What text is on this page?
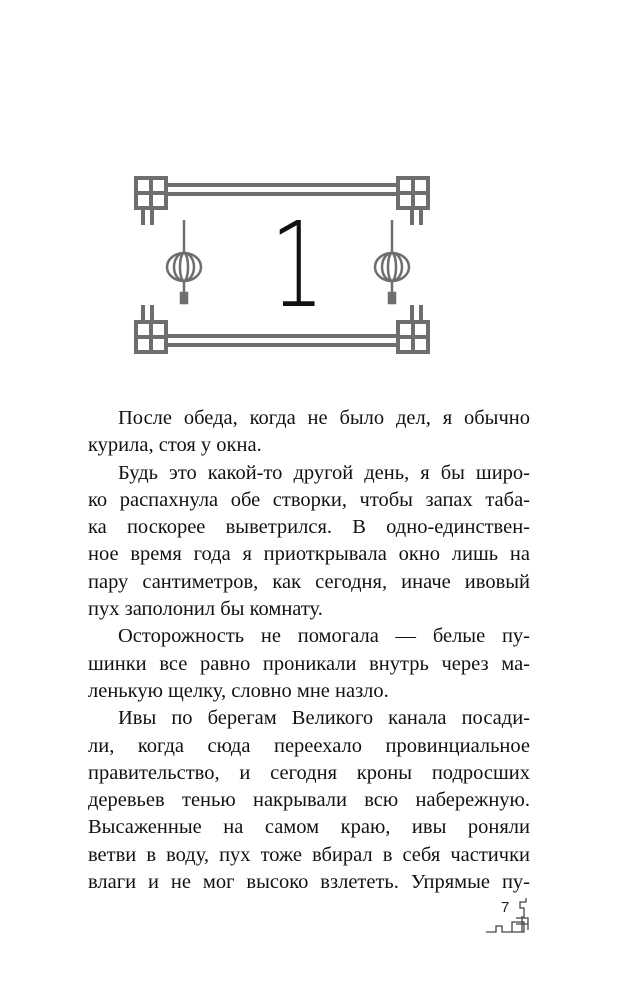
1
После обеда, когда не было дел, я обычно
курила, стоя у окна.
Будь это какой-то другой день, я бы широ-
ко распахнула обе створки, чтобы запах таба-
ка поскорее выветрился. В одно-единствен-
ное время года я приоткрывала окно лишь на
пару сантиметров, как сегодня, иначе ивовый
пух заполонил бы комнату.
Осторожность не помогала — белые пу-
шинки все равно проникали внутрь через ма-
ленькую щелку, словно мне назло.
Ивы по берегам Великого канала посади-
ли, когда сюда переехало провинциальное
правительство, и сегодня кроны подросших
деревьев тенью накрывали всю набережную.
Высаженные на самом краю, ивы роняли
ветви в воду, пух тоже вбирал в себя частички
влаги и не мог высоко взлететь. Упрямые пу-
7
